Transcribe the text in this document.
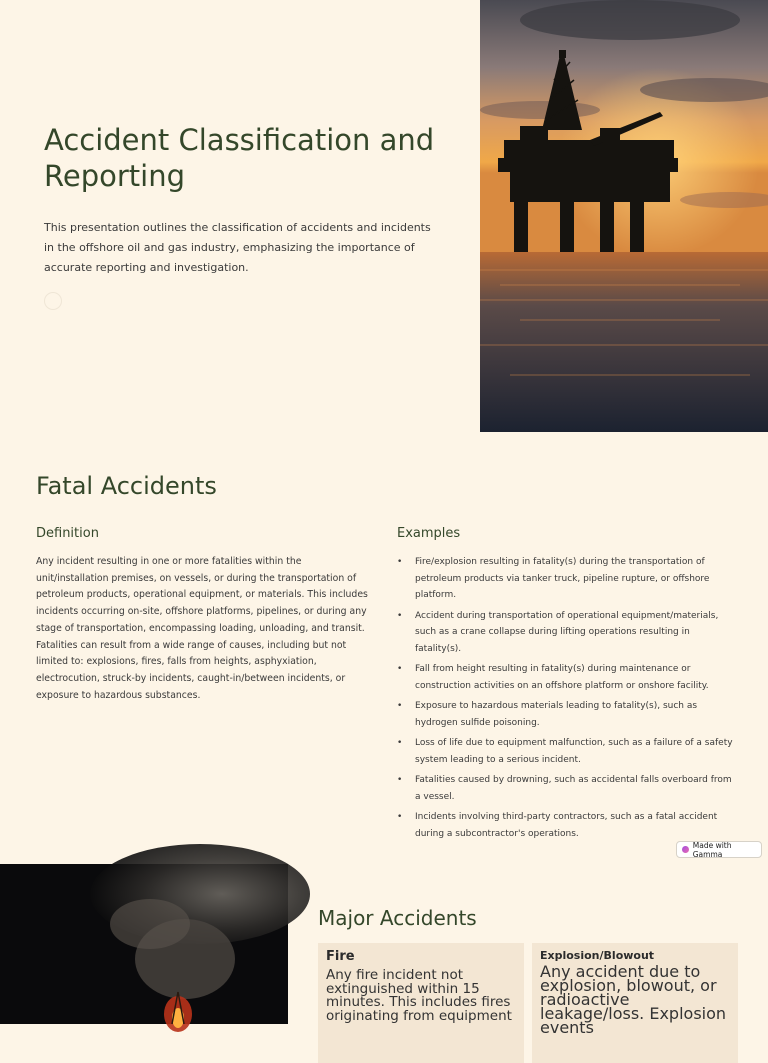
Accident Classification and Reporting

This presentation outlines the classification of accidents and incidents in the offshore oil and gas industry, emphasizing the importance of accurate reporting and investigation.

Fatal Accidents
Definition

Any incident resulting in one or more fatalities within the unit/installation premises, on vessels, or during the transportation of petroleum products, operational equipment, or materials. This includes incidents occurring on-site, offshore platforms, pipelines, or during any stage of transportation, encompassing loading, unloading, and transit. Fatalities can result from a wide range of causes, including but not limited to: explosions, fires, falls from heights, asphyxiation, electrocution, struck-by incidents, caught-in/between incidents, or exposure to hazardous substances.

Examples
• Fire/explosion resulting in fatality(s) during the transportation of petroleum products via tanker truck, pipeline rupture, or offshore platform.
• Accident during transportation of operational equipment/materials, such as a crane collapse during lifting operations resulting in fatality(s).
• Fall from height resulting in fatality(s) during maintenance or construction activities on an offshore platform or onshore facility.
• Exposure to hazardous materials leading to fatality(s), such as hydrogen sulfide poisoning.
• Loss of life due to equipment malfunction, such as a failure of a safety system leading to a serious incident.
• Fatalities caused by drowning, such as accidental falls overboard from a vessel.
• Incidents involving third-party contractors, such as a fatal accident during a subcontractor's operations.
Made with Gamma
Major Accidents
Fire

Any fire incident not extinguished within 15 minutes. This includes fires originating from equipment

Explosion/Blowout

Any accident due to explosion, blowout, or radioactive leakage/loss. Explosion events
